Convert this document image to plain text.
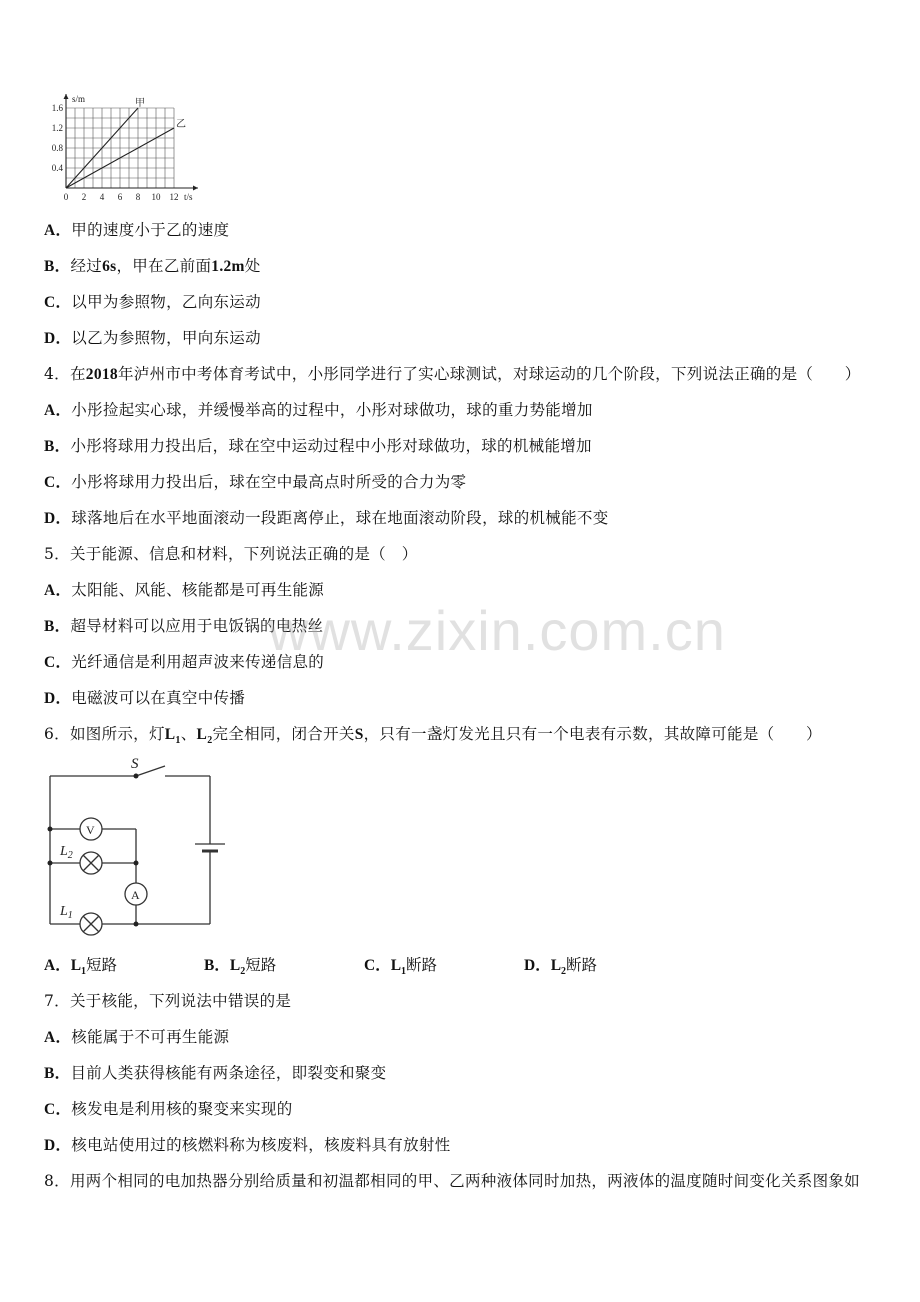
甲
乙
0 2 4 6 8 10 12
0.4
0.8
1.2
1.6
t/s
s/m
A．甲的速度小于乙的速度
B．经过6s，甲在乙前面1.2m处
C．以甲为参照物，乙向东运动
D．以乙为参照物，甲向东运动
4．在2018年泸州市中考体育考试中，小彤同学进行了实心球测试，对球运动的几个阶段，下列说法正确的是（　　）
A．小彤捡起实心球，并缓慢举高的过程中，小彤对球做功，球的重力势能增加
B．小彤将球用力投出后，球在空中运动过程中小彤对球做功，球的机械能增加
C．小彤将球用力投出后，球在空中最高点时所受的合力为零
D．球落地后在水平地面滚动一段距离停止，球在地面滚动阶段，球的机械能不变
5．关于能源、信息和材料，下列说法正确的是（　）
A．太阳能、风能、核能都是可再生能源
B．超导材料可以应用于电饭锅的电热丝
C．光纤通信是利用超声波来传递信息的
D．电磁波可以在真空中传播
www.zixin.com.cn
6．如图所示，灯$L_1$、$L_2$完全相同，闭合开关S，只有一盏灯发光且只有一个电表有示数，其故障可能是（　　）
S
V
A
$L_2$
$L_1$
A．$L_1$短路	B．$L_2$短路	C．$L_1$断路	D．$L_2$断路
7．关于核能，下列说法中错误的是
A．核能属于不可再生能源
B．目前人类获得核能有两条途径，即裂变和聚变
C．核发电是利用核的聚变来实现的
D．核电站使用过的核燃料称为核废料，核废料具有放射性
8．用两个相同的电加热器分别给质量和初温都相同的甲、乙两种液体同时加热，两液体的温度随时间变化关系图象如
